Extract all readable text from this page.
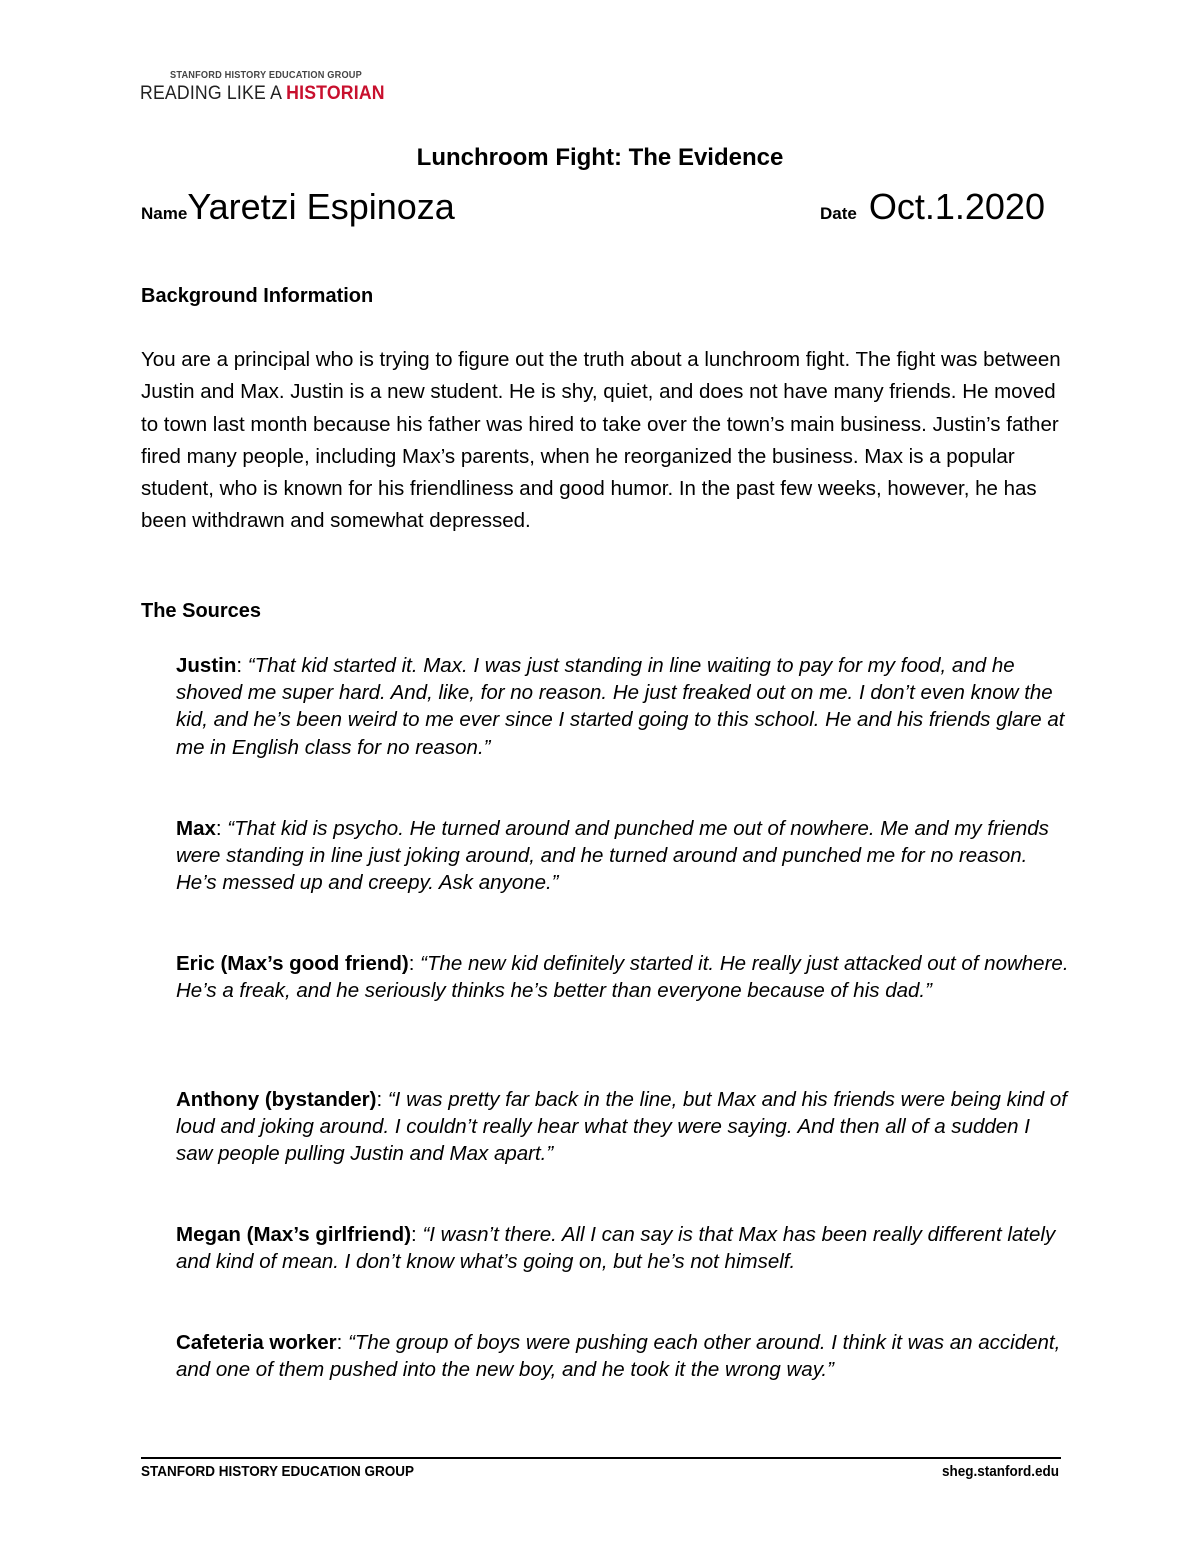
STANFORD HISTORY EDUCATION GROUP
READING LIKE A HISTORIAN
Lunchroom Fight: The Evidence
NameYaretzi Espinoza	Date Oct.1.2020
Background Information
You are a principal who is trying to figure out the truth about a lunchroom fight. The fight was between Justin and Max. Justin is a new student. He is shy, quiet, and does not have many friends. He moved to town last month because his father was hired to take over the town’s main business. Justin’s father fired many people, including Max’s parents, when he reorganized the business. Max is a popular student, who is known for his friendliness and good humor. In the past few weeks, however, he has been withdrawn and somewhat depressed.
The Sources
Justin: “That kid started it. Max. I was just standing in line waiting to pay for my food, and he shoved me super hard. And, like, for no reason. He just freaked out on me. I don’t even know the kid, and he’s been weird to me ever since I started going to this school. He and his friends glare at me in English class for no reason.”
Max: “That kid is psycho. He turned around and punched me out of nowhere. Me and my friends were standing in line just joking around, and he turned around and punched me for no reason. He’s messed up and creepy. Ask anyone.”
Eric (Max’s good friend): “The new kid definitely started it. He really just attacked out of nowhere. He’s a freak, and he seriously thinks he’s better than everyone because of his dad.”
Anthony (bystander): “I was pretty far back in the line, but Max and his friends were being kind of loud and joking around. I couldn’t really hear what they were saying. And then all of a sudden I saw people pulling Justin and Max apart.”
Megan (Max’s girlfriend): “I wasn’t there. All I can say is that Max has been really different lately and kind of mean. I don’t know what’s going on, but he’s not himself.
Cafeteria worker: “The group of boys were pushing each other around. I think it was an accident, and one of them pushed into the new boy, and he took it the wrong way.”
STANFORD HISTORY EDUCATION GROUP	sheg.stanford.edu
